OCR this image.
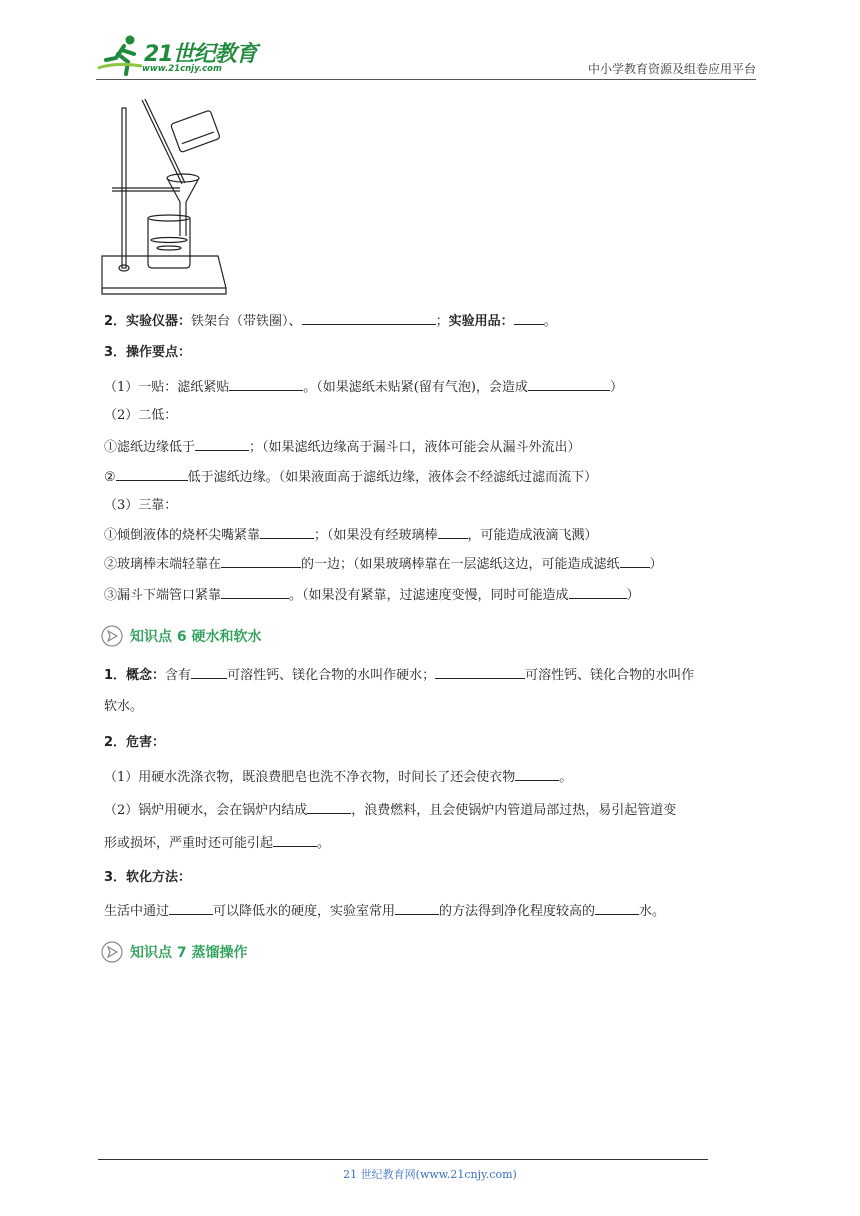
21世纪教育
www.21cnjy.com	中小学教育资源及组卷应用平台
2．实验仪器：铁架台（带铁圈）、	；实验用品： 。
3．操作要点：
（1）一贴：滤纸紧贴	。（如果滤纸未贴紧(留有气泡)，会造成	）
（2）二低：
①滤纸边缘低于	；（如果滤纸边缘高于漏斗口，液体可能会从漏斗外流出）
②	低于滤纸边缘。（如果液面高于滤纸边缘，液体会不经滤纸过滤而流下）
（3）三靠：
①倾倒液体的烧杯尖嘴紧靠	；（如果没有经玻璃棒 ，可能造成液滴飞溅）
②玻璃棒末端轻靠在	的一边；（如果玻璃棒靠在一层滤纸这边，可能造成滤纸 ）
③漏斗下端管口紧靠	。（如果没有紧靠，过滤速度变慢，同时可能造成	）
知识点 6 硬水和软水
1．概念：含有	可溶性钙、镁化合物的水叫作硬水；	可溶性钙、镁化合物的水叫作
软水。
2．危害：
（1）用硬水洗涤衣物，既浪费肥皂也洗不净衣物，时间长了还会使衣物	。
（2）锅炉用硬水，会在锅炉内结成	，浪费燃料，且会使锅炉内管道局部过热，易引起管道变
形或损坏，严重时还可能引起	。
3．软化方法：
生活中通过	可以降低水的硬度，实验室常用	的方法得到净化程度较高的	水。
知识点 7 蒸馏操作
21 世纪教育网(www.21cnjy.com)
